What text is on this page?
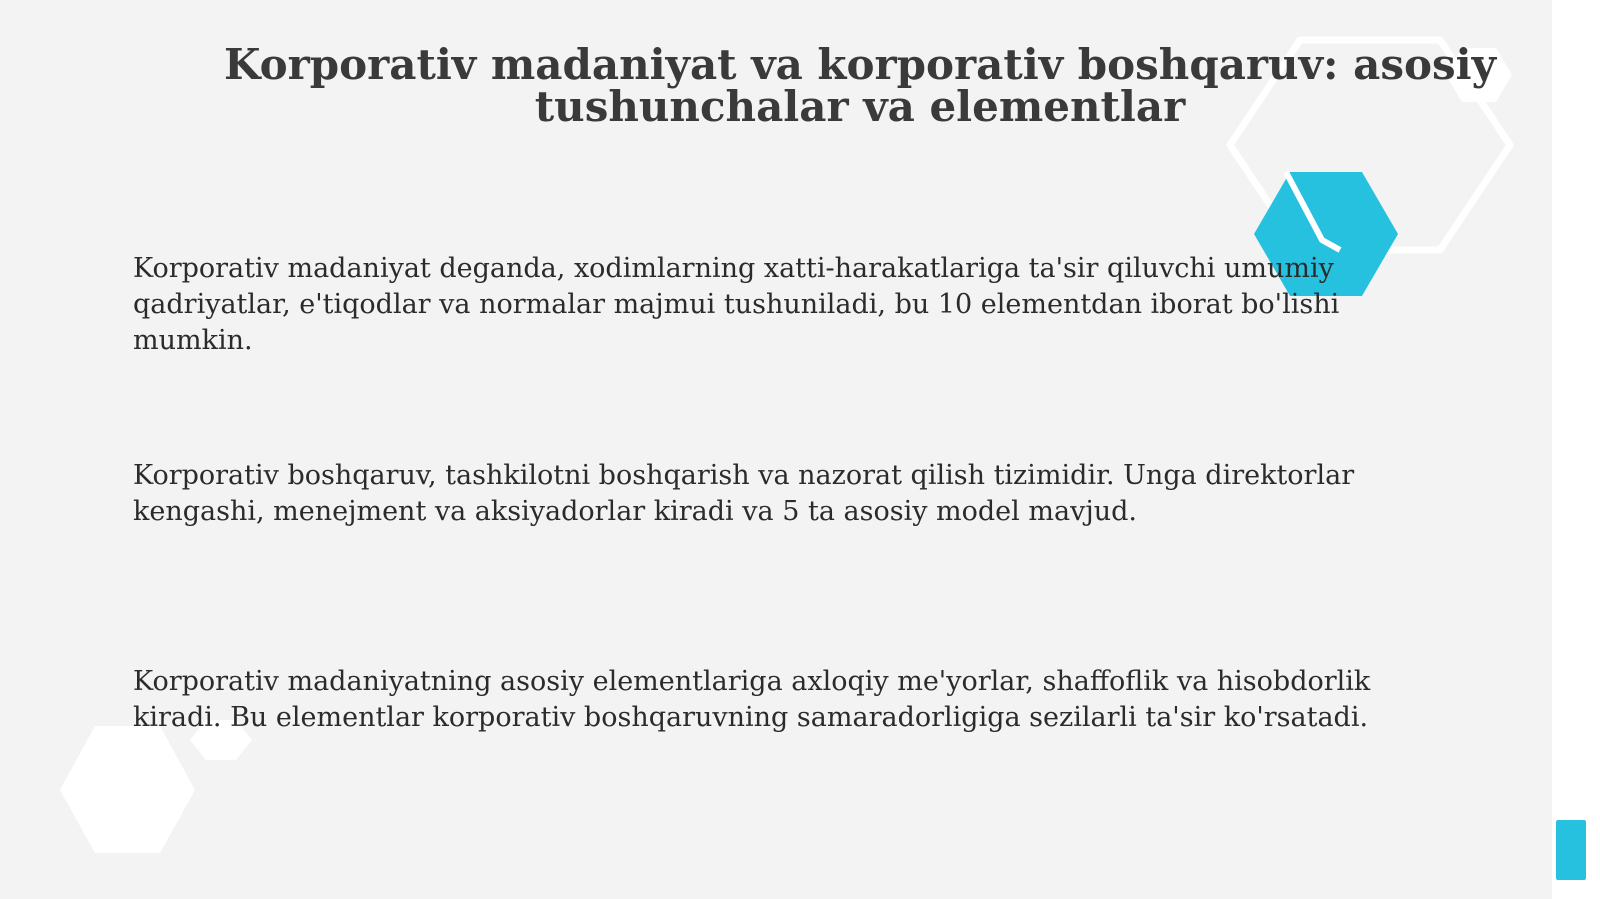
Korporativ madaniyat va korporativ boshqaruv: asosiy tushunchalar va elementlar

Korporativ madaniyat deganda, xodimlarning xatti-harakatlariga ta'sir qiluvchi umumiy qadriyatlar, e'tiqodlar va normalar majmui tushuniladi, bu 10 elementdan iborat bo'lishi mumkin.

Korporativ boshqaruv, tashkilotni boshqarish va nazorat qilish tizimidir. Unga direktorlar kengashi, menejment va aksiyadorlar kiradi va 5 ta asosiy model mavjud.

Korporativ madaniyatning asosiy elementlariga axloqiy me'yorlar, shaffoflik va hisobdorlik kiradi. Bu elementlar korporativ boshqaruvning samaradorligiga sezilarli ta'sir ko'rsatadi.
